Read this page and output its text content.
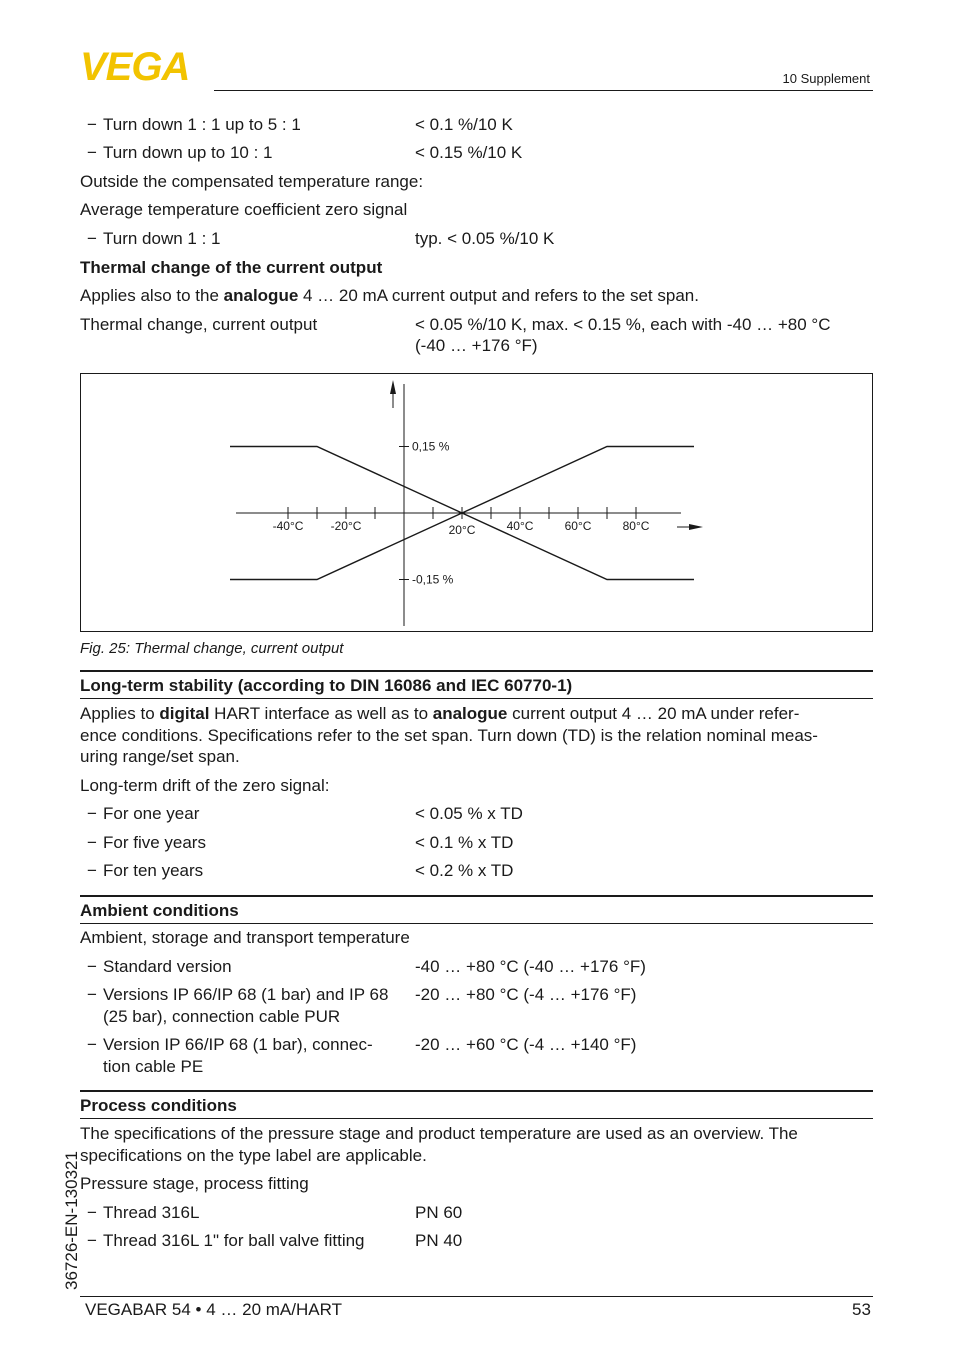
VEGA	10 Supplement
− Turn down 1 : 1 up to 5 : 1	< 0.1 %/10 K
− Turn down up to 10 : 1	< 0.15 %/10 K
Outside the compensated temperature range:
Average temperature coefficient zero signal
− Turn down 1 : 1	typ. < 0.05 %/10 K
Thermal change of the current output
Applies also to the analogue 4 … 20 mA current output and refers to the set span.
Thermal change, current output	< 0.05 %/10 K, max. < 0.15 %, each with -40 … +80 °C
(-40 … +176 °F)
-40°C -20°C	20°C	40°C	60°C	80°C
0,15 %
-0,15 %
Fig. 25: Thermal change, current output
Long-term stability (according to DIN 16086 and IEC 60770-1)
Applies to digital HART interface as well as to analogue current output 4 … 20 mA under refer-
ence conditions. Specifications refer to the set span. Turn down (TD) is the relation nominal meas-
uring range/set span.
Long-term drift of the zero signal:
− For one year	< 0.05 % x TD
− For five years	< 0.1 % x TD
− For ten years	< 0.2 % x TD
Ambient conditions
Ambient, storage and transport temperature
− Standard version	-40 … +80 °C (-40 … +176 °F)
− Versions IP 66/IP 68 (1 bar) and IP 68
(25 bar), connection cable PUR
-20 … +80 °C (-4 … +176 °F)
− Version IP 66/IP 68 (1 bar), connec-
tion cable PE
-20 … +60 °C (-4 … +140 °F)
Process conditions
The specifications of the pressure stage and product temperature are used as an overview. The
specifications on the type label are applicable.
Pressure stage, process fitting
− Thread 316L	PN 60
− Thread 316L 1" for ball valve fitting	PN 40
36726-EN-130321
VEGABAR 54 • 4 … 20 mA/HART	53
